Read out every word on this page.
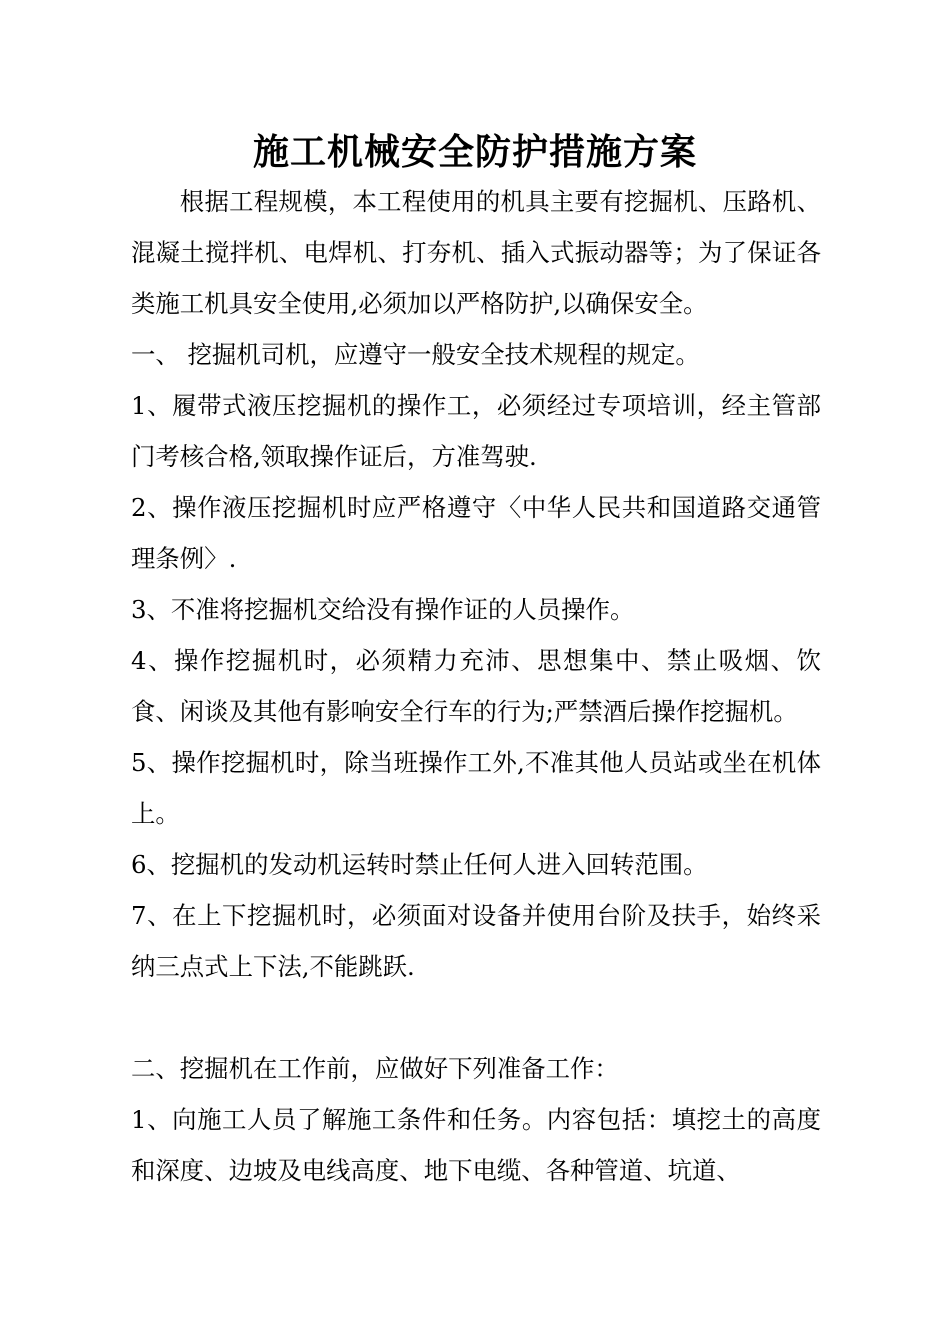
施工机械安全防护措施方案

根据工程规模，本工程使用的机具主要有挖掘机、压路机、混凝土搅拌机、电焊机、打夯机、插入式振动器等；为了保证各类施工机具安全使用,必须加以严格防护,以确保安全。

一、 挖掘机司机，应遵守一般安全技术规程的规定。

1、履带式液压挖掘机的操作工，必须经过专项培训，经主管部门考核合格,领取操作证后，方准驾驶.

2、操作液压挖掘机时应严格遵守〈中华人民共和国道路交通管理条例〉.

3、不准将挖掘机交给没有操作证的人员操作。

4、操作挖掘机时，必须精力充沛、思想集中、禁止吸烟、饮食、闲谈及其他有影响安全行车的行为;严禁酒后操作挖掘机。

5、操作挖掘机时，除当班操作工外,不准其他人员站或坐在机体上。

6、挖掘机的发动机运转时禁止任何人进入回转范围。

7、在上下挖掘机时，必须面对设备并使用台阶及扶手，始终采纳三点式上下法,不能跳跃.

二、挖掘机在工作前，应做好下列准备工作：

1、向施工人员了解施工条件和任务。内容包括：填挖土的高度和深度、边坡及电线高度、地下电缆、各种管道、坑道、
